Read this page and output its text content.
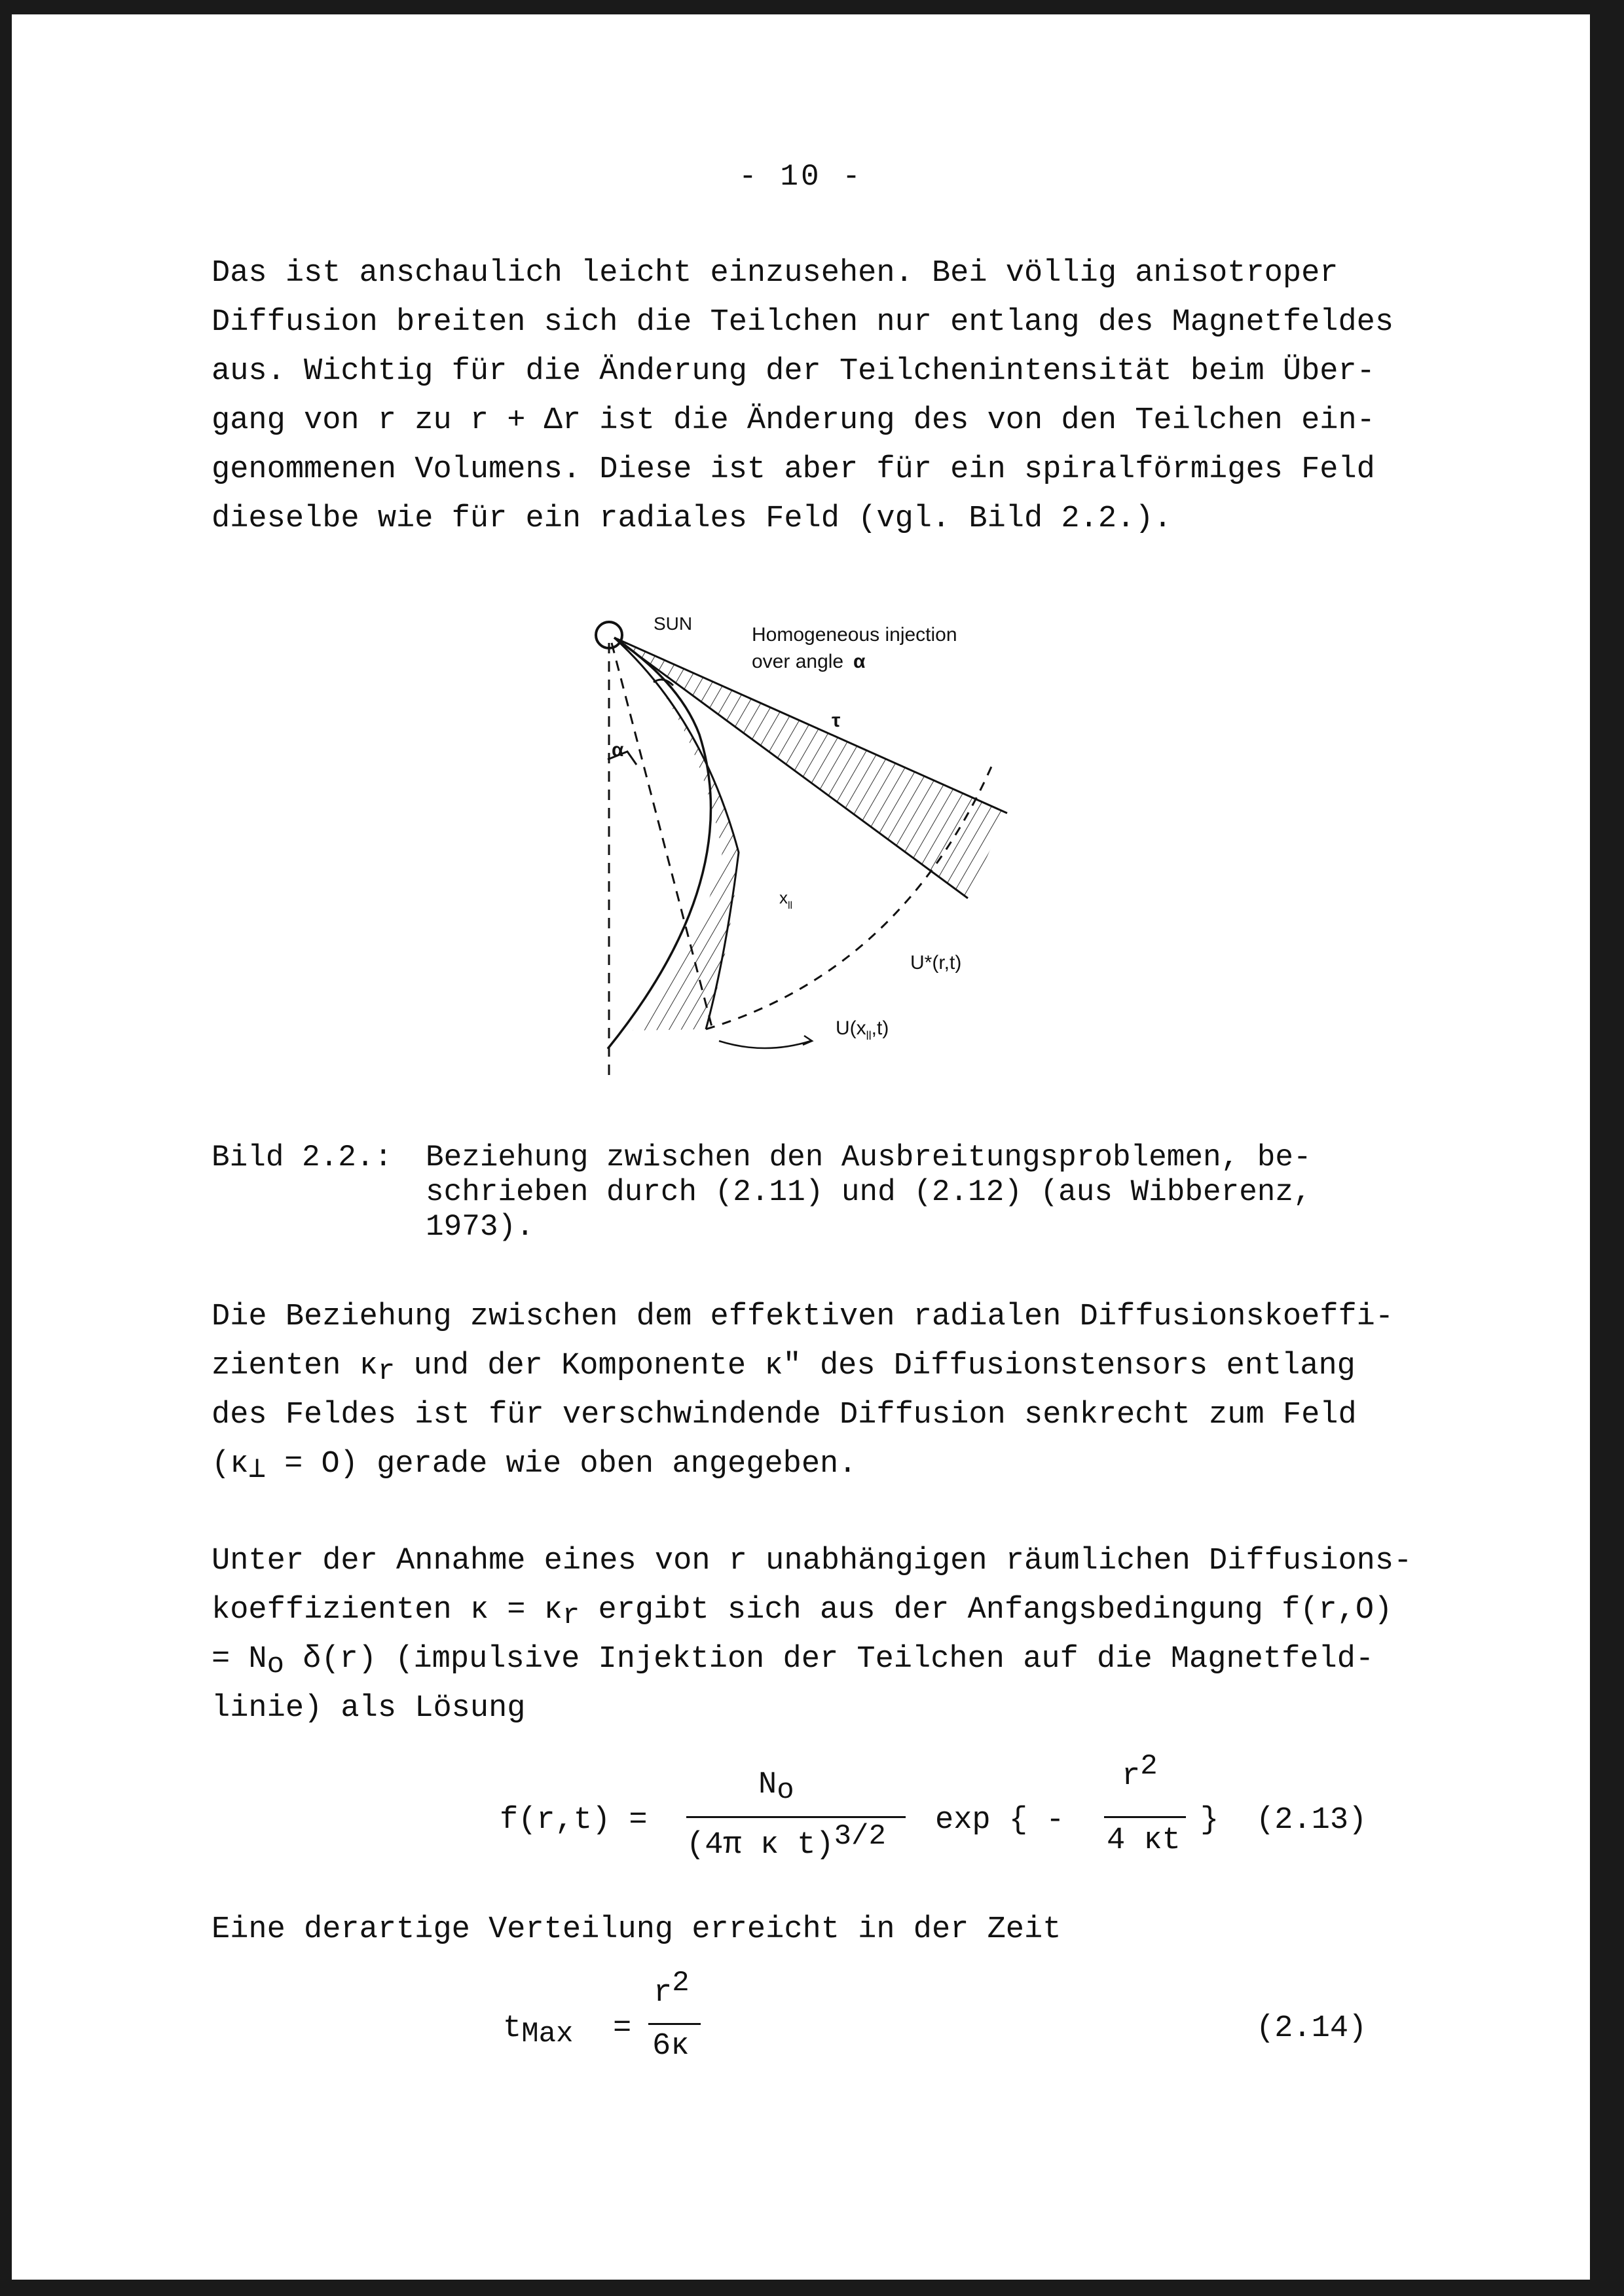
- 10 -
Das ist anschaulich leicht einzusehen. Bei völlig anisotroper
Diffusion breiten sich die Teilchen nur entlang des Magnetfeldes
aus. Wichtig für die Änderung der Teilchenintensität beim Über-
gang von r zu r + Δr ist die Änderung des von den Teilchen ein-
genommenen Volumens. Diese ist aber für ein spiralförmiges Feld
dieselbe wie für ein radiales Feld (vgl. Bild 2.2.).
SUN
Homogeneous injection
over angle α
α
τ
$x_{ll}$
U*(r,t)
$U(x_{ll},t)$
Bild 2.2.: Beziehung zwischen den Ausbreitungsproblemen, be-
schrieben durch (2.11) und (2.12) (aus Wibberenz,
1973).
Die Beziehung zwischen dem effektiven radialen Diffusionskoeffi-
zienten $\kappa_r$ und der Komponente κ" des Diffusionstensors entlang
des Feldes ist für verschwindende Diffusion senkrecht zum Feld
$(\kappa_\perp = O)$ gerade wie oben angegeben.
Unter der Annahme eines von r unabhängigen räumlichen Diffusions-
koeffizienten $\kappa = \kappa_r$ ergibt sich aus der Anfangsbedingung f(r,O)
= $N_o$ δ(r) (impulsive Injektion der Teilchen auf die Magnetfeld-
linie) als Lösung
f(r,t) =
$N_o$
(4π κ t)$^{3/2}$ exp { -
$r^2$
4 κt
} (2.13)
Eine derartige Verteilung erreicht in der Zeit
$t_{Max}$ =
$r^2$
6κ
(2.14)
